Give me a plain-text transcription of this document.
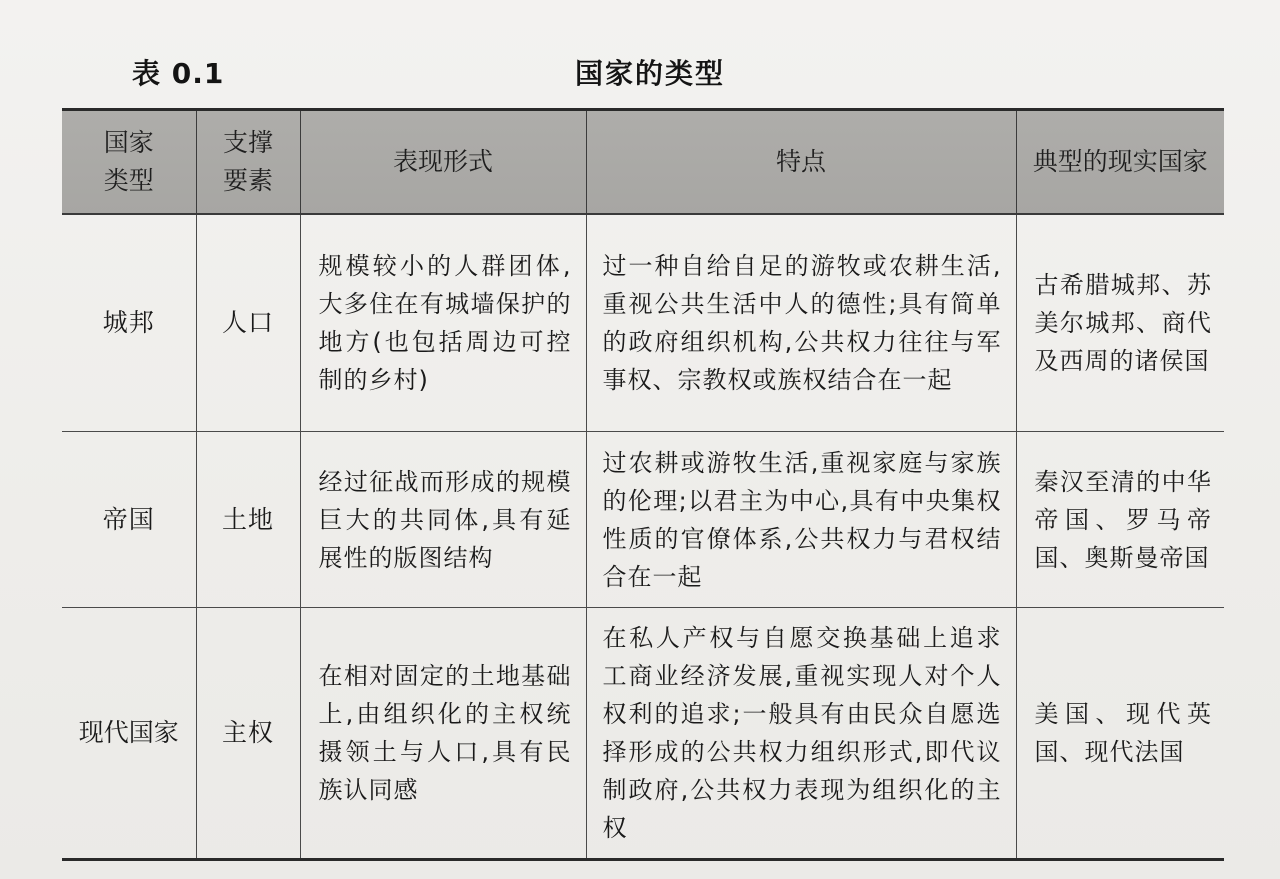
表 0.1	国家的类型
国家类型	支撑要素	表现形式	特点	典型的现实国家
城邦	人口	规模较小的人群团体,大多住在有城墙保护的地方(也包括周边可控制的乡村)	过一种自给自足的游牧或农耕生活,重视公共生活中人的德性;具有简单的政府组织机构,公共权力往往与军事权、宗教权或族权结合在一起	古希腊城邦、苏美尔城邦、商代及西周的诸侯国
帝国	土地	经过征战而形成的规模巨大的共同体,具有延展性的版图结构	过农耕或游牧生活,重视家庭与家族的伦理;以君主为中心,具有中央集权性质的官僚体系,公共权力与君权结合在一起	秦汉至清的中华帝国、罗马帝国、奥斯曼帝国
现代国家	主权	在相对固定的土地基础上,由组织化的主权统摄领土与人口,具有民族认同感	在私人产权与自愿交换基础上追求工商业经济发展,重视实现人对个人权利的追求;一般具有由民众自愿选择形成的公共权力组织形式,即代议制政府,公共权力表现为组织化的主权	美国、现代英国、现代法国
